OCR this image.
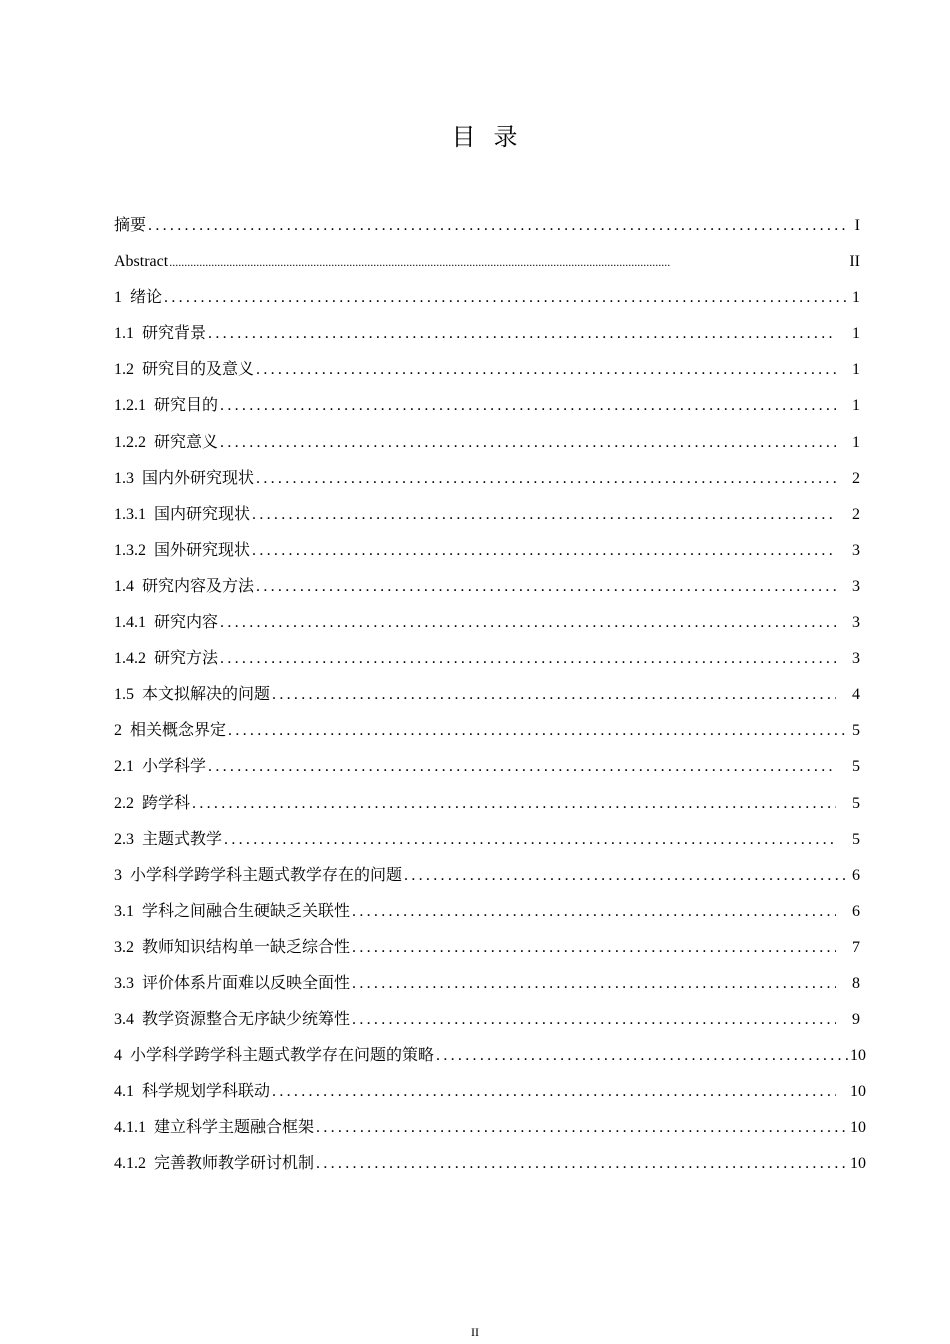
目 录
摘要 .....	I
Abstract .....	II
1 绪论 .....	1
1.1 研究背景 .....	1
1.2 研究目的及意义 .....	1
1.2.1 研究目的 .....	1
1.2.2 研究意义 .....	1
1.3 国内外研究现状 .....	2
1.3.1 国内研究现状 .....	2
1.3.2 国外研究现状 .....	3
1.4 研究内容及方法 .....	3
1.4.1 研究内容 .....	3
1.4.2 研究方法 .....	3
1.5 本文拟解决的问题 .....	4
2 相关概念界定 .....	5
2.1 小学科学 .....	5
2.2 跨学科 .....	5
2.3 主题式教学 .....	5
3 小学科学跨学科主题式教学存在的问题 .....	6
3.1 学科之间融合生硬缺乏关联性 .....	6
3.2 教师知识结构单一缺乏综合性 .....	7
3.3 评价体系片面难以反映全面性 .....	8
3.4 教学资源整合无序缺少统筹性 .....	9
4 小学科学跨学科主题式教学存在问题的策略 .....	10
4.1 科学规划学科联动 .....	10
4.1.1 建立科学主题融合框架 .....	10
4.1.2 完善教师教学研讨机制 .....	10
II
